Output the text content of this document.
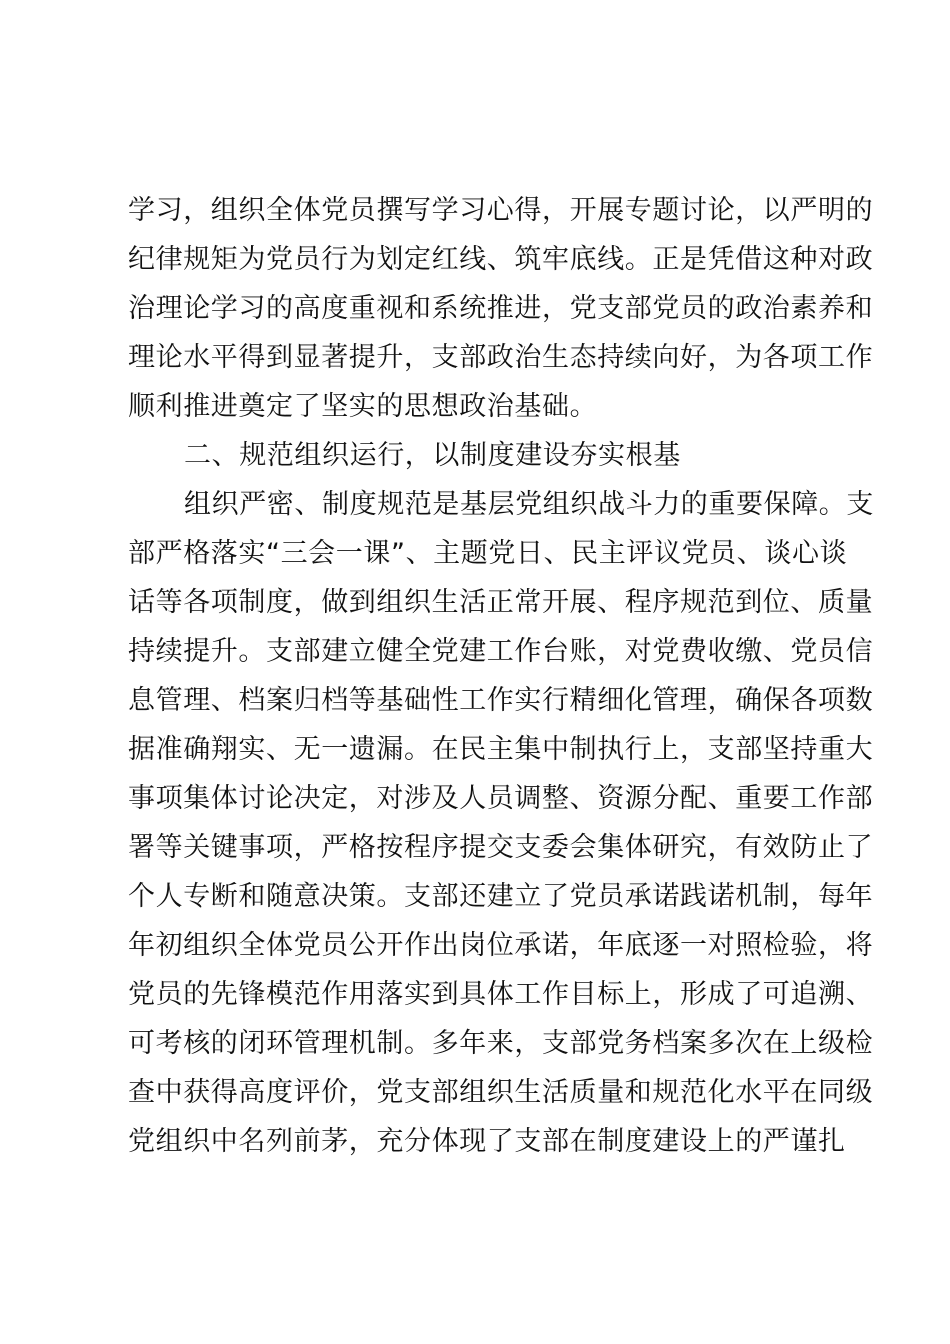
学习，组织全体党员撰写学习心得，开展专题讨论，以严明的
纪律规矩为党员行为划定红线、筑牢底线。正是凭借这种对政
治理论学习的高度重视和系统推进，党支部党员的政治素养和
理论水平得到显著提升，支部政治生态持续向好，为各项工作
顺利推进奠定了坚实的思想政治基础。
二、规范组织运行，以制度建设夯实根基
组织严密、制度规范是基层党组织战斗力的重要保障。支
部严格落实“三会一课”、主题党日、民主评议党员、谈心谈
话等各项制度，做到组织生活正常开展、程序规范到位、质量
持续提升。支部建立健全党建工作台账，对党费收缴、党员信
息管理、档案归档等基础性工作实行精细化管理，确保各项数
据准确翔实、无一遗漏。在民主集中制执行上，支部坚持重大
事项集体讨论决定，对涉及人员调整、资源分配、重要工作部
署等关键事项，严格按程序提交支委会集体研究，有效防止了
个人专断和随意决策。支部还建立了党员承诺践诺机制，每年
年初组织全体党员公开作出岗位承诺，年底逐一对照检验，将
党员的先锋模范作用落实到具体工作目标上，形成了可追溯、
可考核的闭环管理机制。多年来，支部党务档案多次在上级检
查中获得高度评价，党支部组织生活质量和规范化水平在同级
党组织中名列前茅，充分体现了支部在制度建设上的严谨扎
